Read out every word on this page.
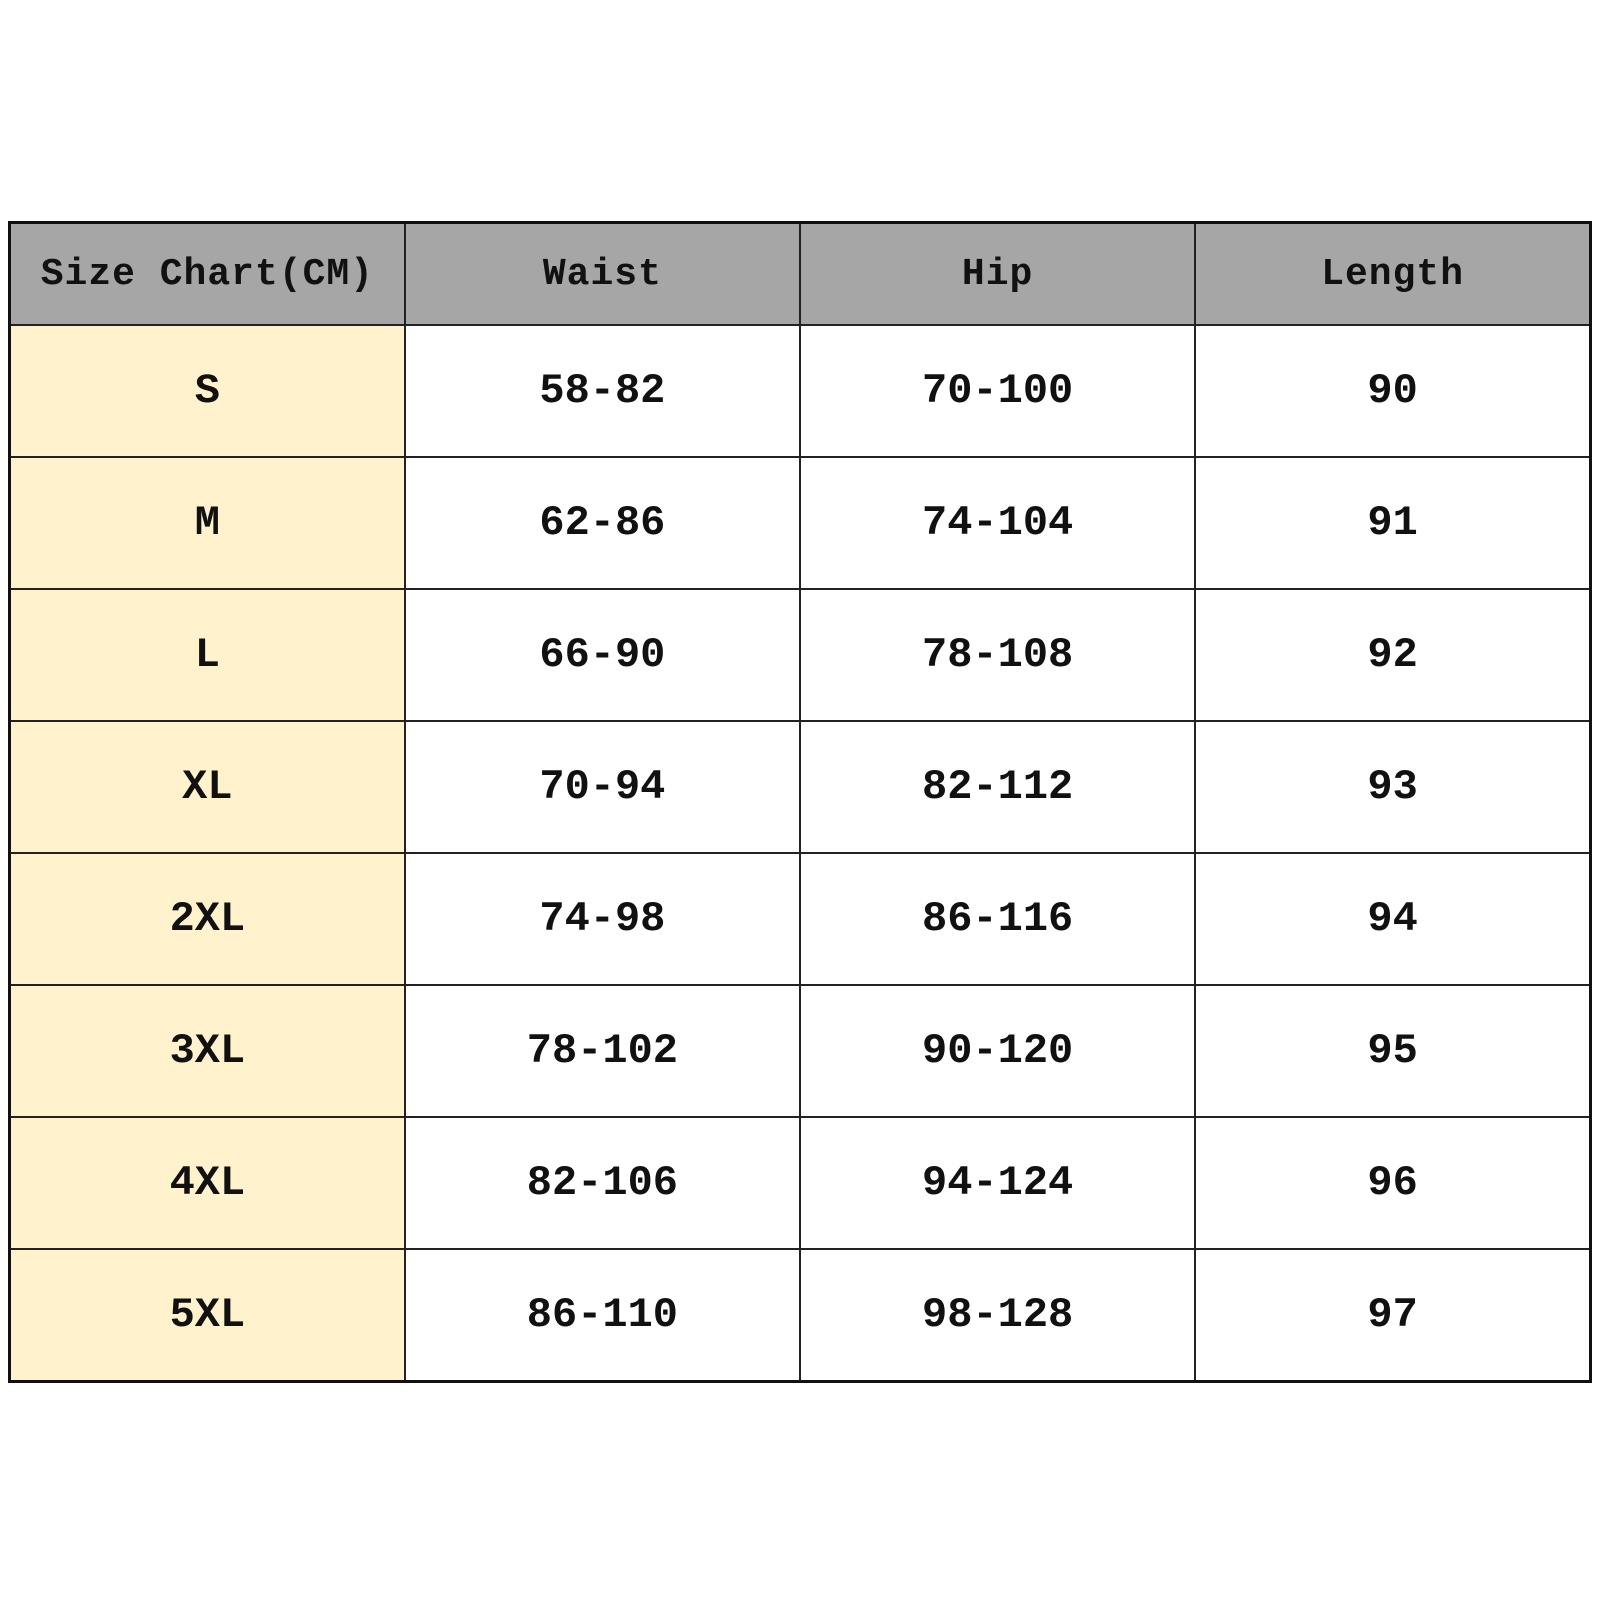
Size Chart(CM)	Waist	Hip	Length
S	58-82	70-100	90
M	62-86	74-104	91
L	66-90	78-108	92
XL	70-94	82-112	93
2XL	74-98	86-116	94
3XL	78-102	90-120	95
4XL	82-106	94-124	96
5XL	86-110	98-128	97
